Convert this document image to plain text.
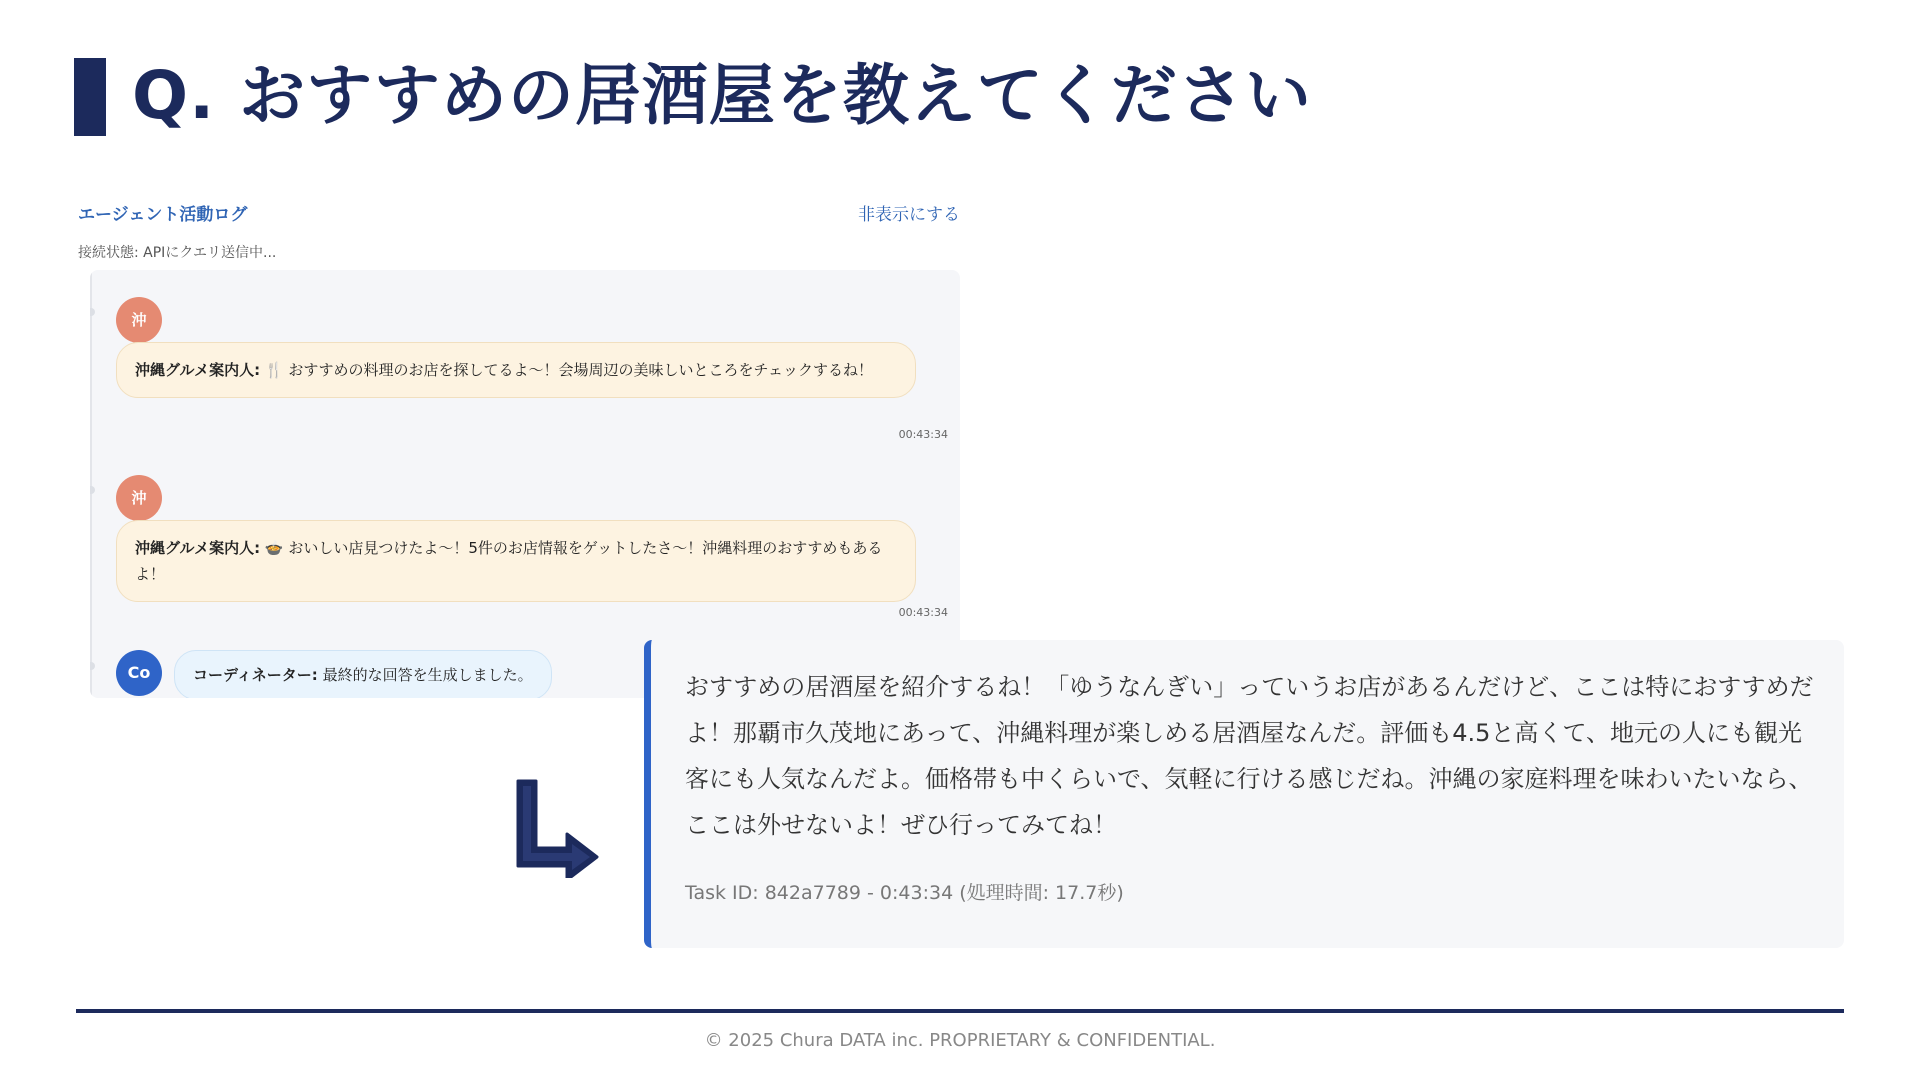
Q. おすすめの居酒屋を教えてください
エージェント活動ログ	非表示にする
接続状態: APIにクエリ送信中...
沖
沖縄グルメ案内人: 🍴 おすすめの料理のお店を探してるよ〜！会場周辺の美味しいところをチェックするね！
00:43:34
沖
沖縄グルメ案内人: 🍲 おいしい店見つけたよ〜！5件のお店情報をゲットしたさ〜！沖縄料理のおすすめもあるよ！
00:43:34
Co	コーディネーター: 最終的な回答を生成しました。	おすすめの居酒屋を紹介するね！「ゆうなんぎい」っていうお店があるんだけど、ここは特におすすめだよ！那覇市久茂地にあって、沖縄料理が楽しめる居酒屋なんだ。評価も4.5と高くて、地元の人にも観光客にも人気なんだよ。価格帯も中くらいで、気軽に行ける感じだね。沖縄の家庭料理を味わいたいなら、ここは外せないよ！ぜひ行ってみてね！
Task ID: 842a7789 - 0:43:34 (処理時間: 17.7秒)
© 2025 Chura DATA inc. PROPRIETARY & CONFIDENTIAL.
